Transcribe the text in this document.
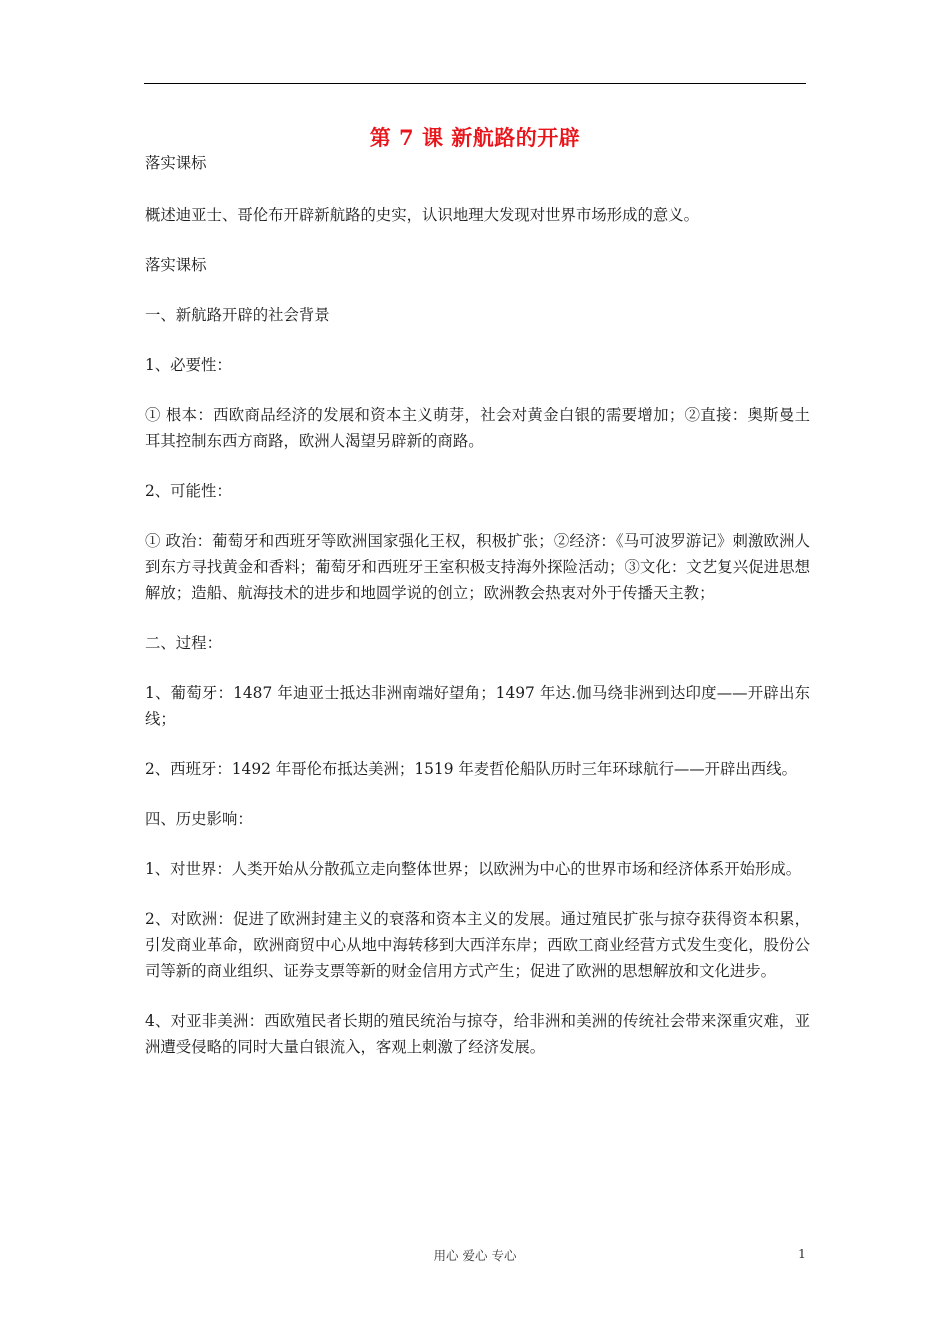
第 7 课 新航路的开辟

落实课标

概述迪亚士、哥伦布开辟新航路的史实，认识地理大发现对世界市场形成的意义。

落实课标

一、新航路开辟的社会背景

1、必要性：

① 根本：西欧商品经济的发展和资本主义萌芽，社会对黄金白银的需要增加；②直接：奥斯曼土耳其控制东西方商路，欧洲人渴望另辟新的商路。

2、可能性：

① 政治：葡萄牙和西班牙等欧洲国家强化王权，积极扩张；②经济：《马可波罗游记》刺激欧洲人到东方寻找黄金和香料；葡萄牙和西班牙王室积极支持海外探险活动；③文化：文艺复兴促进思想解放；造船、航海技术的进步和地圆学说的创立；欧洲教会热衷对外于传播天主教；

二、过程：

1、葡萄牙：1487 年迪亚士抵达非洲南端好望角；1497 年达.伽马绕非洲到达印度——开辟出东线；

2、西班牙：1492 年哥伦布抵达美洲；1519 年麦哲伦船队历时三年环球航行——开辟出西线。

四、历史影响：

1、对世界：人类开始从分散孤立走向整体世界；以欧洲为中心的世界市场和经济体系开始形成。

2、对欧洲：促进了欧洲封建主义的衰落和资本主义的发展。通过殖民扩张与掠夺获得资本积累，引发商业革命，欧洲商贸中心从地中海转移到大西洋东岸；西欧工商业经营方式发生变化，股份公司等新的商业组织、证券支票等新的财金信用方式产生；促进了欧洲的思想解放和文化进步。

4、对亚非美洲：西欧殖民者长期的殖民统治与掠夺，给非洲和美洲的传统社会带来深重灾难，亚洲遭受侵略的同时大量白银流入，客观上刺激了经济发展。

用心 爱心 专心	1
